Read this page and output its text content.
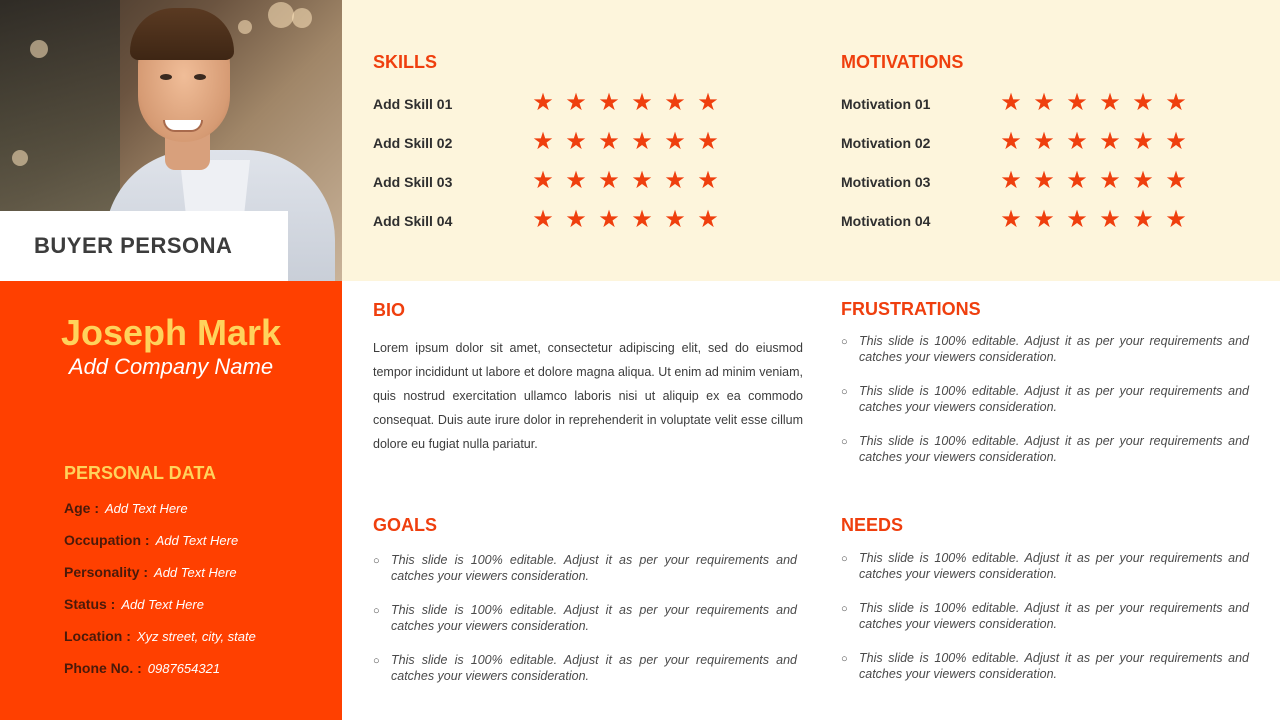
BUYER PERSONA
Joseph Mark
Add Company Name
PERSONAL DATA
Age : Add Text Here
Occupation : Add Text Here
Personality : Add Text Here
Status : Add Text Here
Location : Xyz street, city, state
Phone No. : 0987654321
SKILLS	MOTIVATIONS
Add Skill 01	★ ★ ★ ★ ★ ★
Add Skill 02	★ ★ ★ ★ ★ ★
Add Skill 03	★ ★ ★ ★ ★ ★
Add Skill 04	★ ★ ★ ★ ★ ★
Motivation 01	★ ★ ★ ★ ★ ★
Motivation 02	★ ★ ★ ★ ★ ★
Motivation 03	★ ★ ★ ★ ★ ★
Motivation 04	★ ★ ★ ★ ★ ★
BIO
Lorem ipsum dolor sit amet, consectetur adipiscing elit, sed do eiusmod tempor incididunt ut labore et dolore magna aliqua. Ut enim ad minim veniam, quis nostrud exercitation ullamco laboris nisi ut aliquip ex ea commodo consequat. Duis aute irure dolor in reprehenderit in voluptate velit esse cillum dolore eu fugiat nulla pariatur.
FRUSTRATIONS
○ This slide is 100% editable. Adjust it as per your requirements and catches your viewers consideration.
○ This slide is 100% editable. Adjust it as per your requirements and catches your viewers consideration.
○ This slide is 100% editable. Adjust it as per your requirements and catches your viewers consideration.
GOALS
○ This slide is 100% editable. Adjust it as per your requirements and catches your viewers consideration.
○ This slide is 100% editable. Adjust it as per your requirements and catches your viewers consideration.
○ This slide is 100% editable. Adjust it as per your requirements and catches your viewers consideration.
NEEDS
○ This slide is 100% editable. Adjust it as per your requirements and catches your viewers consideration.
○ This slide is 100% editable. Adjust it as per your requirements and catches your viewers consideration.
○ This slide is 100% editable. Adjust it as per your requirements and catches your viewers consideration.
